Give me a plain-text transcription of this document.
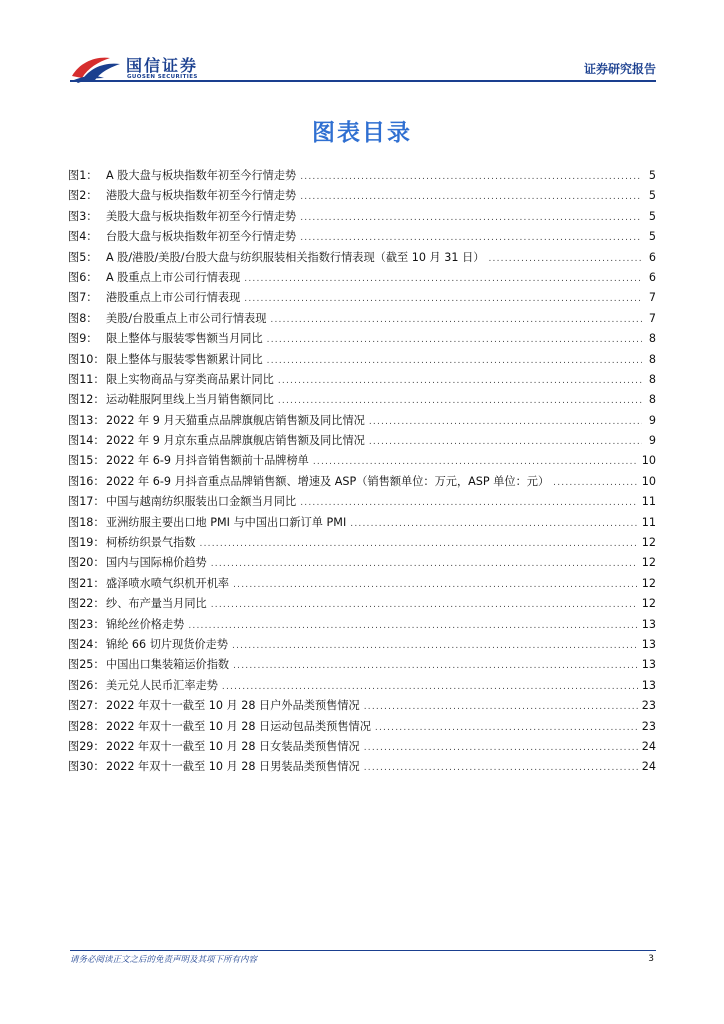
国信证券
GUOSEN SECURITIES
证券研究报告
图表目录
图1： A 股大盘与板块指数年初至今行情走势 .....	5
图2： 港股大盘与板块指数年初至今行情走势 .....	5
图3： 美股大盘与板块指数年初至今行情走势 .....	5
图4： 台股大盘与板块指数年初至今行情走势 .....	5
图5： A 股/港股/美股/台股大盘与纺织服装相关指数行情表现（截至 10 月 31 日） .....	6
图6： A 股重点上市公司行情表现 .....	6
图7： 港股重点上市公司行情表现 .....	7
图8： 美股/台股重点上市公司行情表现 .....	7
图9： 限上整体与服装零售额当月同比 .....	8
图10： 限上整体与服装零售额累计同比 .....	8
图11： 限上实物商品与穿类商品累计同比 .....	8
图12： 运动鞋服阿里线上当月销售额同比 .....	8
图13： 2022 年 9 月天猫重点品牌旗舰店销售额及同比情况 .....	9
图14： 2022 年 9 月京东重点品牌旗舰店销售额及同比情况 .....	9
图15： 2022 年 6-9 月抖音销售额前十品牌榜单 .....	10
图16： 2022 年 6-9 月抖音重点品牌销售额、增速及 ASP（销售额单位：万元，ASP 单位：元） .....	10
图17： 中国与越南纺织服装出口金额当月同比 .....	11
图18： 亚洲纺服主要出口地 PMI 与中国出口新订单 PMI .....	11
图19： 柯桥纺织景气指数 .....	12
图20： 国内与国际棉价趋势 .....	12
图21： 盛泽喷水喷气织机开机率 .....	12
图22： 纱、布产量当月同比 .....	12
图23： 锦纶丝价格走势 .....	13
图24： 锦纶 66 切片现货价走势 .....	13
图25： 中国出口集装箱运价指数 .....	13
图26： 美元兑人民币汇率走势 .....	13
图27： 2022 年双十一截至 10 月 28 日户外品类预售情况 .....	23
图28： 2022 年双十一截至 10 月 28 日运动包品类预售情况 .....	23
图29： 2022 年双十一截至 10 月 28 日女装品类预售情况 .....	24
图30： 2022 年双十一截至 10 月 28 日男装品类预售情况 .....	24
请务必阅读正文之后的免责声明及其项下所有内容	3
